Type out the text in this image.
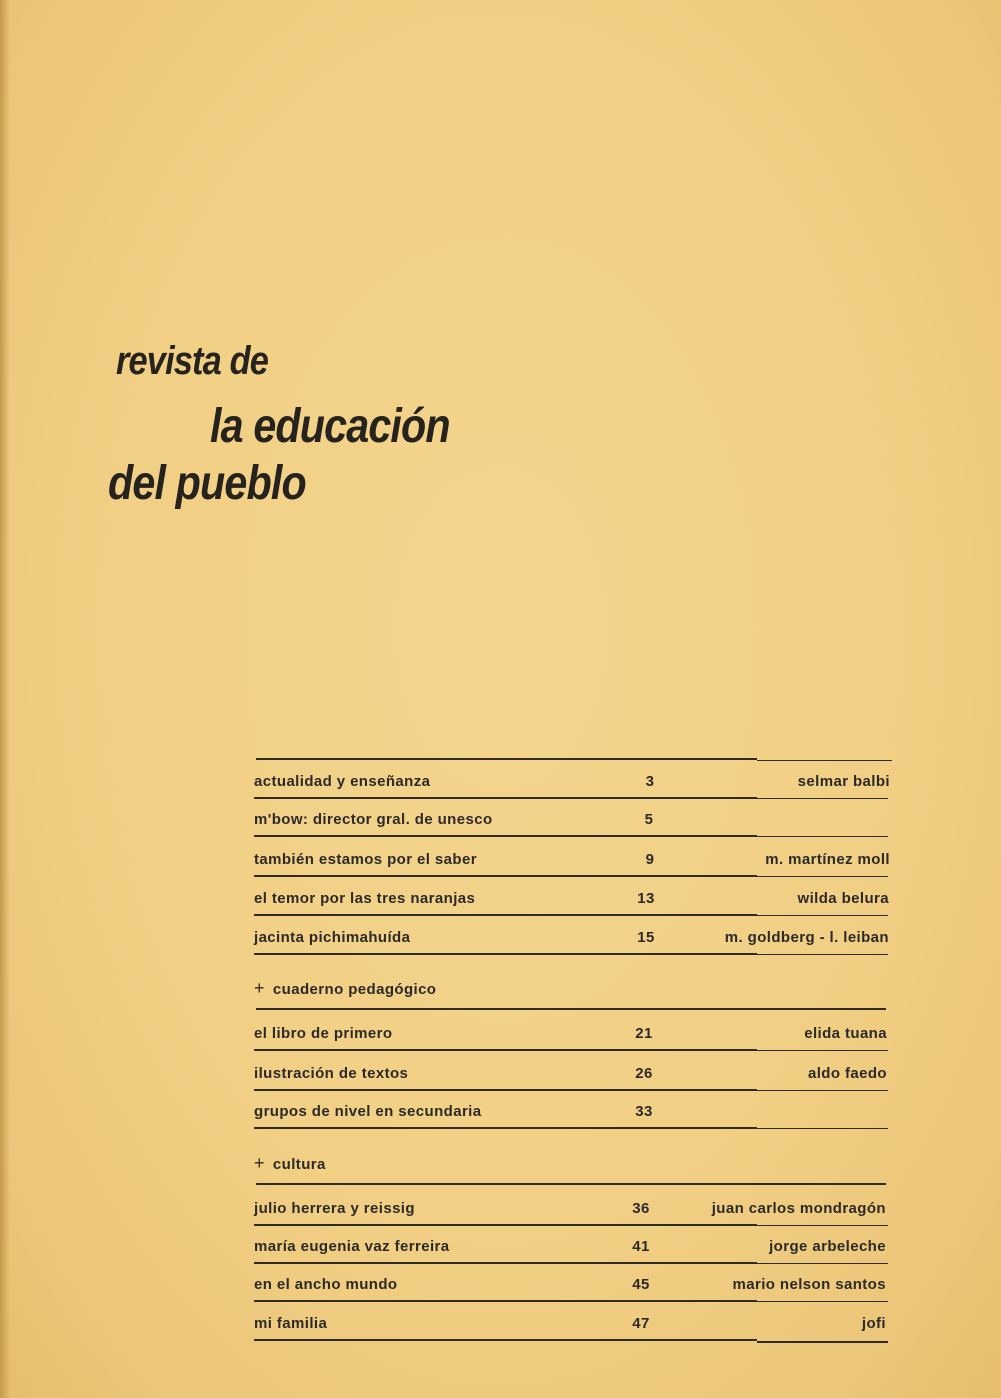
revista de
la educación
del pueblo
actualidad y enseñanza	3	selmar balbi
m'bow: director gral. de unesco	5
también estamos por el saber	9	m. martínez moll
el temor por las tres naranjas	13	wilda belura
jacinta pichimahuída	15	m. goldberg - l. leiban
+ cuaderno pedagógico
el libro de primero	21	elida tuana
ilustración de textos	26	aldo faedo
grupos de nivel en secundaria	33
+ cultura
julio herrera y reissig	36	juan carlos mondragón
maría eugenia vaz ferreira	41	jorge arbeleche
en el ancho mundo	45	mario nelson santos
mi familia	47	jofi
